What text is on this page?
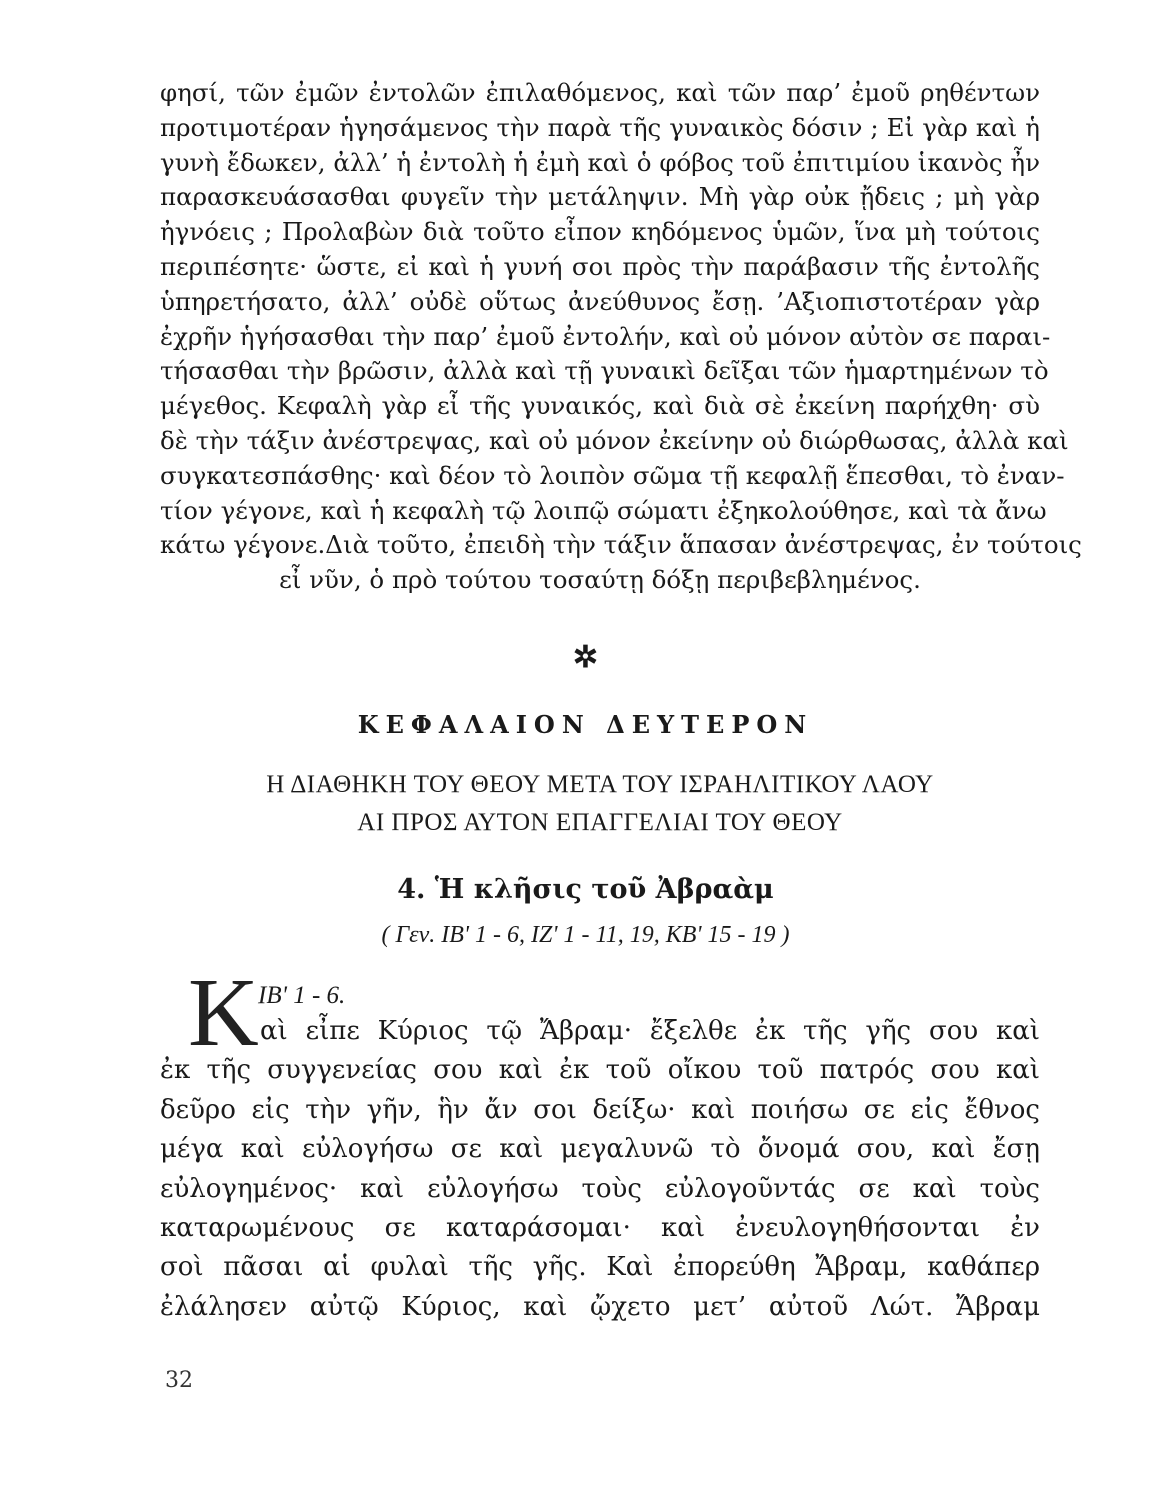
φησί, τῶν ἐμῶν ἐντολῶν ἐπιλαθόμενος, καὶ τῶν παρ’ ἐμοῦ ρηθέντων
προτιμοτέραν ἡγησάμενος τὴν παρὰ τῆς γυναικὸς δόσιν ; Εἰ γὰρ καὶ ἡ
γυνὴ ἔδωκεν, ἀλλ’ ἡ ἐντολὴ ἡ ἐμὴ καὶ ὁ φόβος τοῦ ἐπιτιμίου ἱκανὸς ἦν
παρασκευάσασθαι φυγεῖν τὴν μετάληψιν. Μὴ γὰρ οὐκ ᾔδεις ; μὴ γὰρ
ἠγνόεις ; Προλαβὼν διὰ τοῦτο εἶπον κηδόμενος ὑμῶν, ἵνα μὴ τούτοις
περιπέσητε· ὥστε, εἰ καὶ ἡ γυνή σοι πρὸς τὴν παράβασιν τῆς ἐντολῆς
ὑπηρετήσατο, ἀλλ’ οὐδὲ οὕτως ἀνεύθυνος ἔσῃ. ’Αξιοπιστοτέραν γὰρ
ἐχρῆν ἡγήσασθαι τὴν παρ’ ἐμοῦ ἐντολήν, καὶ οὐ μόνον αὐτὸν σε παραι-
τήσασθαι τὴν βρῶσιν, ἀλλὰ καὶ τῇ γυναικὶ δεῖξαι τῶν ἡμαρτημένων τὸ
μέγεθος. Κεφαλὴ γὰρ εἶ τῆς γυναικός, καὶ διὰ σὲ ἐκείνη παρήχθη· σὺ
δὲ τὴν τάξιν ἀνέστρεψας, καὶ οὐ μόνον ἐκείνην οὐ διώρθωσας, ἀλλὰ καὶ
συγκατεσπάσθης· καὶ δέον τὸ λοιπὸν σῶμα τῇ κεφαλῇ ἕπεσθαι, τὸ ἐναν-
τίον γέγονε, καὶ ἡ κεφαλὴ τῷ λοιπῷ σώματι ἐξηκολούθησε, καὶ τὰ ἄνω
κάτω γέγονε.Διὰ τοῦτο, ἐπειδὴ τὴν τάξιν ἅπασαν ἀνέστρεψας, ἐν τούτοις
εἶ νῦν, ὁ πρὸ τούτου τοσαύτῃ δόξῃ περιβεβλημένος.
✲
ΚΕΦΑΛΑΙΟΝ ΔΕΥΤΕΡΟΝ
Η ΔΙΑΘΗΚΗ ΤΟΥ ΘΕΟΥ ΜΕΤΑ ΤΟΥ ΙΣΡΑΗΛΙΤΙΚΟΥ ΛΑΟΥ
ΑΙ ΠΡΟΣ ΑΥΤΟΝ ΕΠΑΓΓΕΛΙΑΙ ΤΟΥ ΘΕΟΥ
4. Ἡ κλῆσις τοῦ Ἀβραὰμ
( Γεν. ΙΒ' 1 - 6, ΙΖ' 1 - 11, 19, ΚΒ' 15 - 19 )
K ΙΒ' 1 - 6.
αὶ εἶπε Κύριος τῷ Ἄβραμ· ἔξελθε ἐκ τῆς γῆς σου καὶ
ἐκ τῆς συγγενείας σου καὶ ἐκ τοῦ οἴκου τοῦ πατρός σου καὶ
δεῦρο εἰς τὴν γῆν, ἣν ἄν σοι δείξω· καὶ ποιήσω σε εἰς ἔθνος
μέγα καὶ εὐλογήσω σε καὶ μεγαλυνῶ τὸ ὄνομά σου, καὶ ἔσῃ
εὐλογημένος· καὶ εὐλογήσω τοὺς εὐλογοῦντάς σε καὶ τοὺς
καταρωμένους σε καταράσομαι· καὶ ἐνευλογηθήσονται ἐν
σοὶ πᾶσαι αἱ φυλαὶ τῆς γῆς. Καὶ ἐπορεύθη Ἄβραμ, καθάπερ
ἐλάλησεν αὐτῷ Κύριος, καὶ ᾤχετο μετ’ αὐτοῦ Λώτ. Ἄβραμ
32
